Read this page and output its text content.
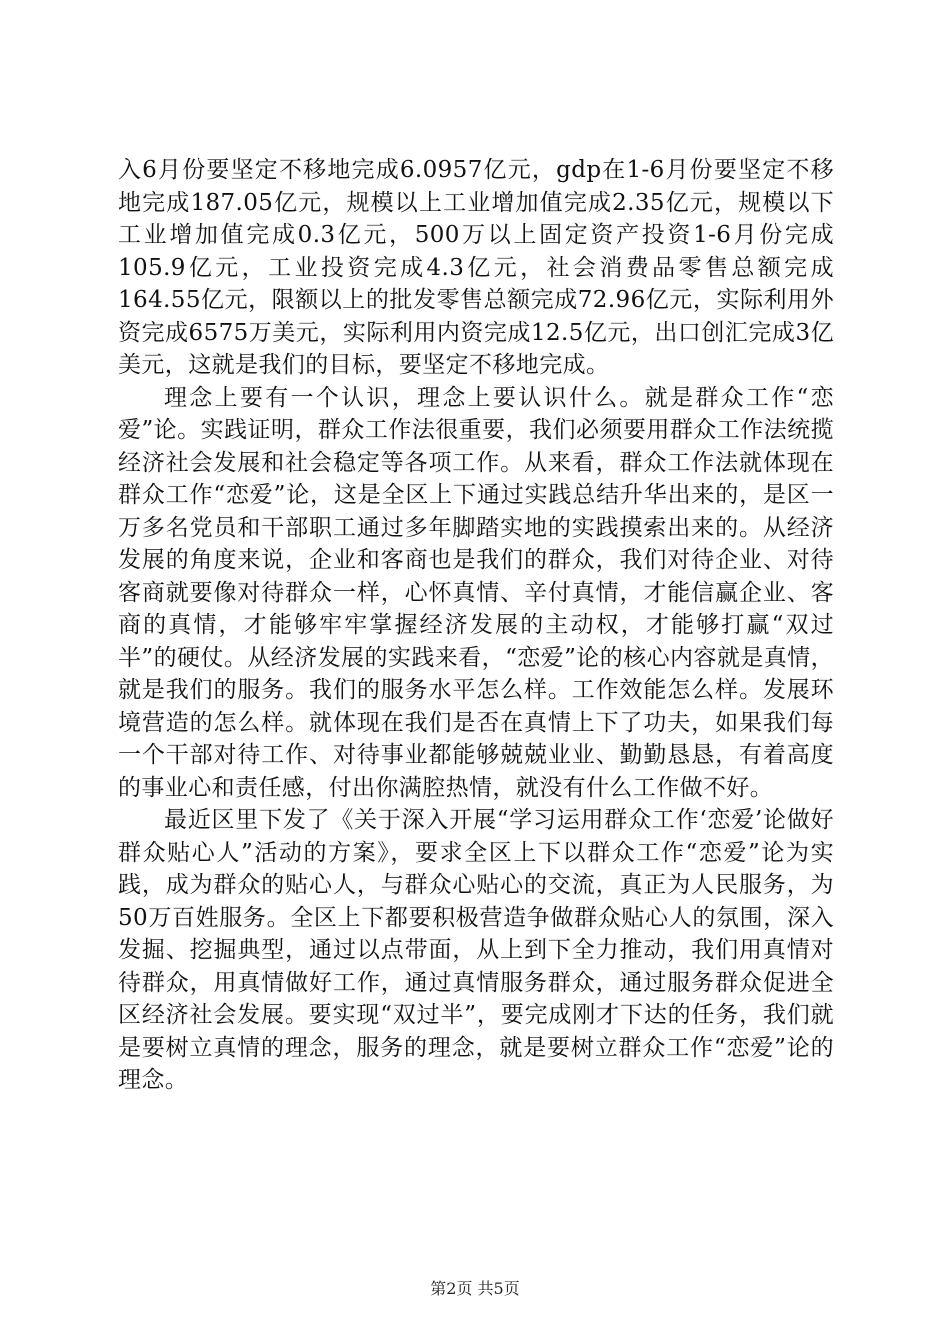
入6月份要坚定不移地完成6.0957亿元，gdp在1-6月份要坚定不移地完成187.05亿元，规模以上工业增加值完成2.35亿元，规模以下工业增加值完成0.3亿元，500万以上固定资产投资1-6月份完成105.9亿元，工业投资完成4.3亿元，社会消费品零售总额完成164.55亿元，限额以上的批发零售总额完成72.96亿元，实际利用外资完成6575万美元，实际利用内资完成12.5亿元，出口创汇完成3亿美元，这就是我们的目标，要坚定不移地完成。

理念上要有一个认识，理念上要认识什么。就是群众工作“恋爱”论。实践证明，群众工作法很重要，我们必须要用群众工作法统揽经济社会发展和社会稳定等各项工作。从来看，群众工作法就体现在群众工作“恋爱”论，这是全区上下通过实践总结升华出来的，是区一万多名党员和干部职工通过多年脚踏实地的实践摸索出来的。从经济发展的角度来说，企业和客商也是我们的群众，我们对待企业、对待客商就要像对待群众一样，心怀真情、辛付真情，才能信赢企业、客商的真情，才能够牢牢掌握经济发展的主动权，才能够打赢“双过半”的硬仗。从经济发展的实践来看，“恋爱”论的核心内容就是真情，就是我们的服务。我们的服务水平怎么样。工作效能怎么样。发展环境营造的怎么样。就体现在我们是否在真情上下了功夫，如果我们每一个干部对待工作、对待事业都能够兢兢业业、勤勤恳恳，有着高度的事业心和责任感，付出你满腔热情，就没有什么工作做不好。

最近区里下发了《关于深入开展“学习运用群众工作‘恋爱’论做好群众贴心人”活动的方案》，要求全区上下以群众工作“恋爱”论为实践，成为群众的贴心人，与群众心贴心的交流，真正为人民服务，为50万百姓服务。全区上下都要积极营造争做群众贴心人的氛围，深入发掘、挖掘典型，通过以点带面，从上到下全力推动，我们用真情对待群众，用真情做好工作，通过真情服务群众，通过服务群众促进全区经济社会发展。要实现“双过半”，要完成刚才下达的任务，我们就是要树立真情的理念，服务的理念，就是要树立群众工作“恋爱”论的理念。

第2页 共5页
